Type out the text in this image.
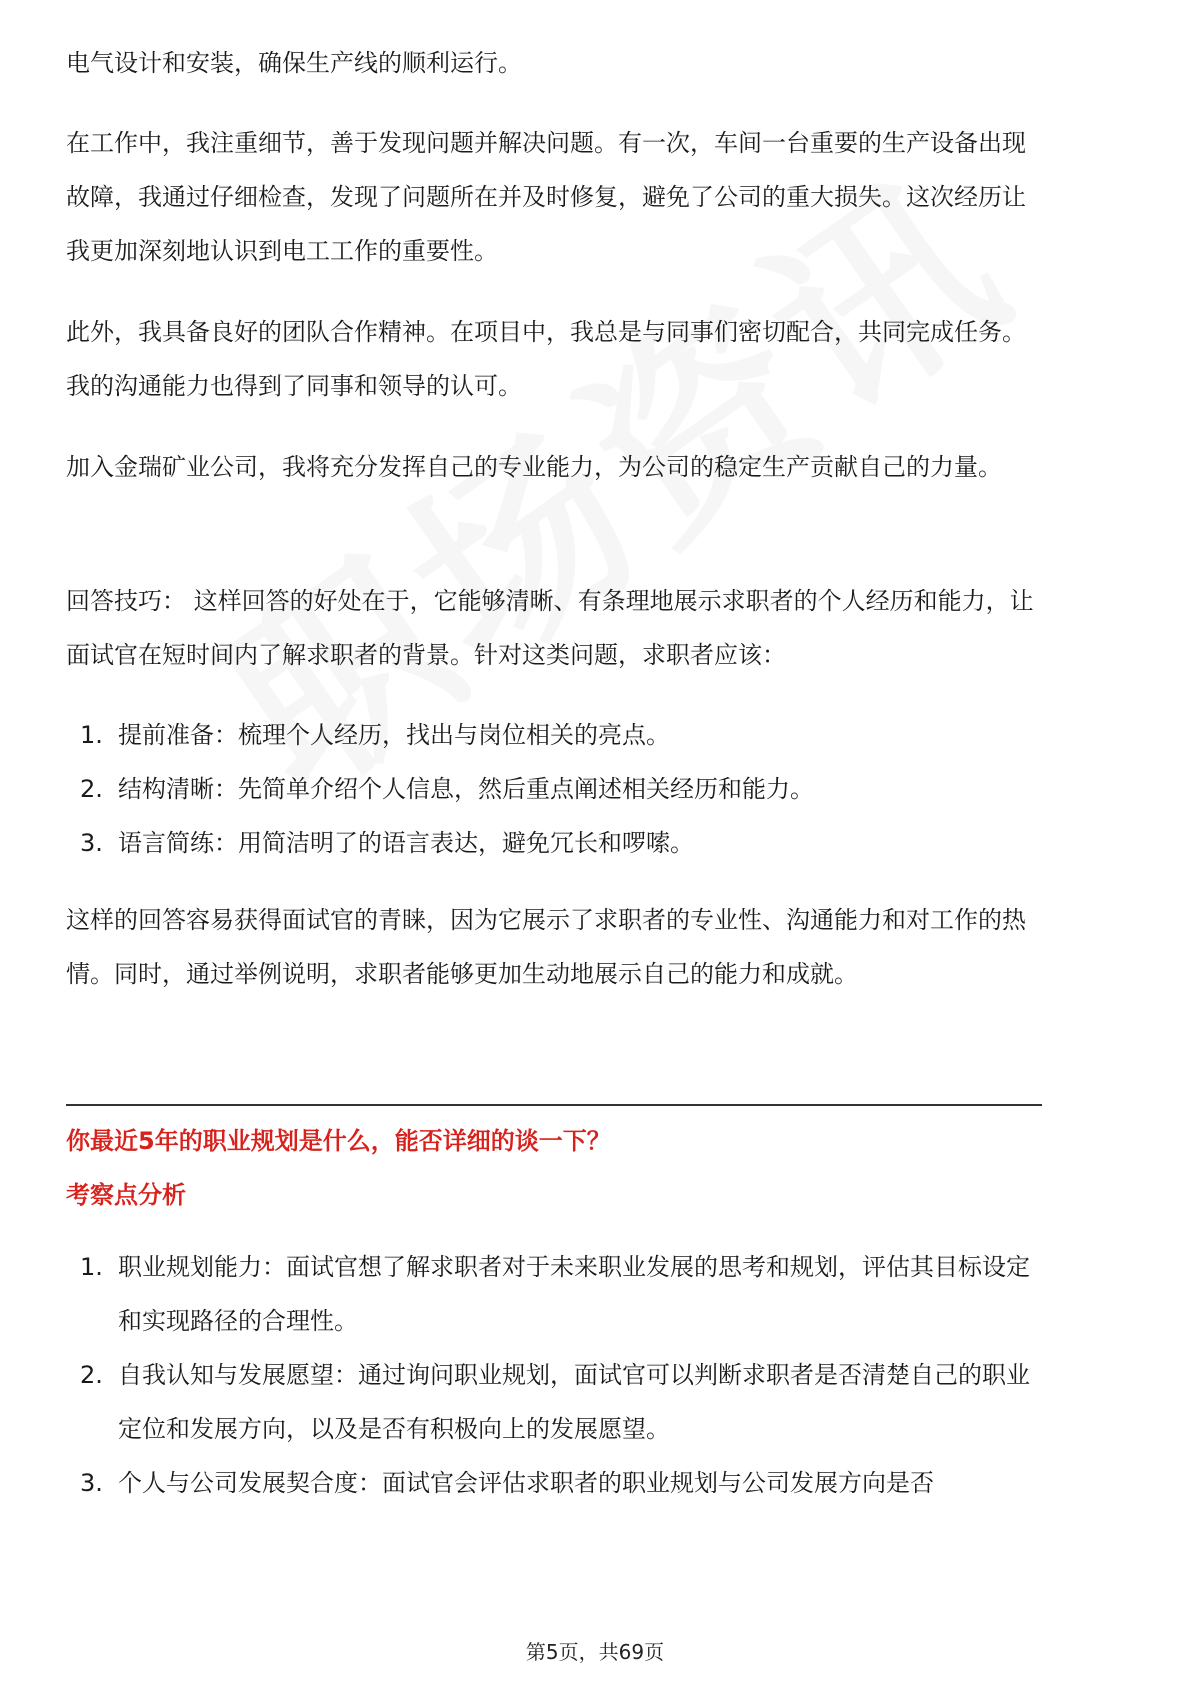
电气设计和安装，确保生产线的顺利运行。

在工作中，我注重细节，善于发现问题并解决问题。有一次，车间一台重要的生产设备出现故障，我通过仔细检查，发现了问题所在并及时修复，避免了公司的重大损失。这次经历让我更加深刻地认识到电工工作的重要性。

此外，我具备良好的团队合作精神。在项目中，我总是与同事们密切配合，共同完成任务。我的沟通能力也得到了同事和领导的认可。

加入金瑞矿业公司，我将充分发挥自己的专业能力，为公司的稳定生产贡献自己的力量。

回答技巧： 这样回答的好处在于，它能够清晰、有条理地展示求职者的个人经历和能力，让面试官在短时间内了解求职者的背景。针对这类问题，求职者应该：

1. 提前准备：梳理个人经历，找出与岗位相关的亮点。
2. 结构清晰：先简单介绍个人信息，然后重点阐述相关经历和能力。
3. 语言简练：用简洁明了的语言表达，避免冗长和啰嗦。

这样的回答容易获得面试官的青睐，因为它展示了求职者的专业性、沟通能力和对工作的热情。同时，通过举例说明，求职者能够更加生动地展示自己的能力和成就。

你最近5年的职业规划是什么，能否详细的谈一下？

考察点分析

1. 职业规划能力：面试官想了解求职者对于未来职业发展的思考和规划，评估其目标设定和实现路径的合理性。
2. 自我认知与发展愿望：通过询问职业规划，面试官可以判断求职者是否清楚自己的职业定位和发展方向，以及是否有积极向上的发展愿望。
3. 个人与公司发展契合度：面试官会评估求职者的职业规划与公司发展方向是否
第5页，共69页
